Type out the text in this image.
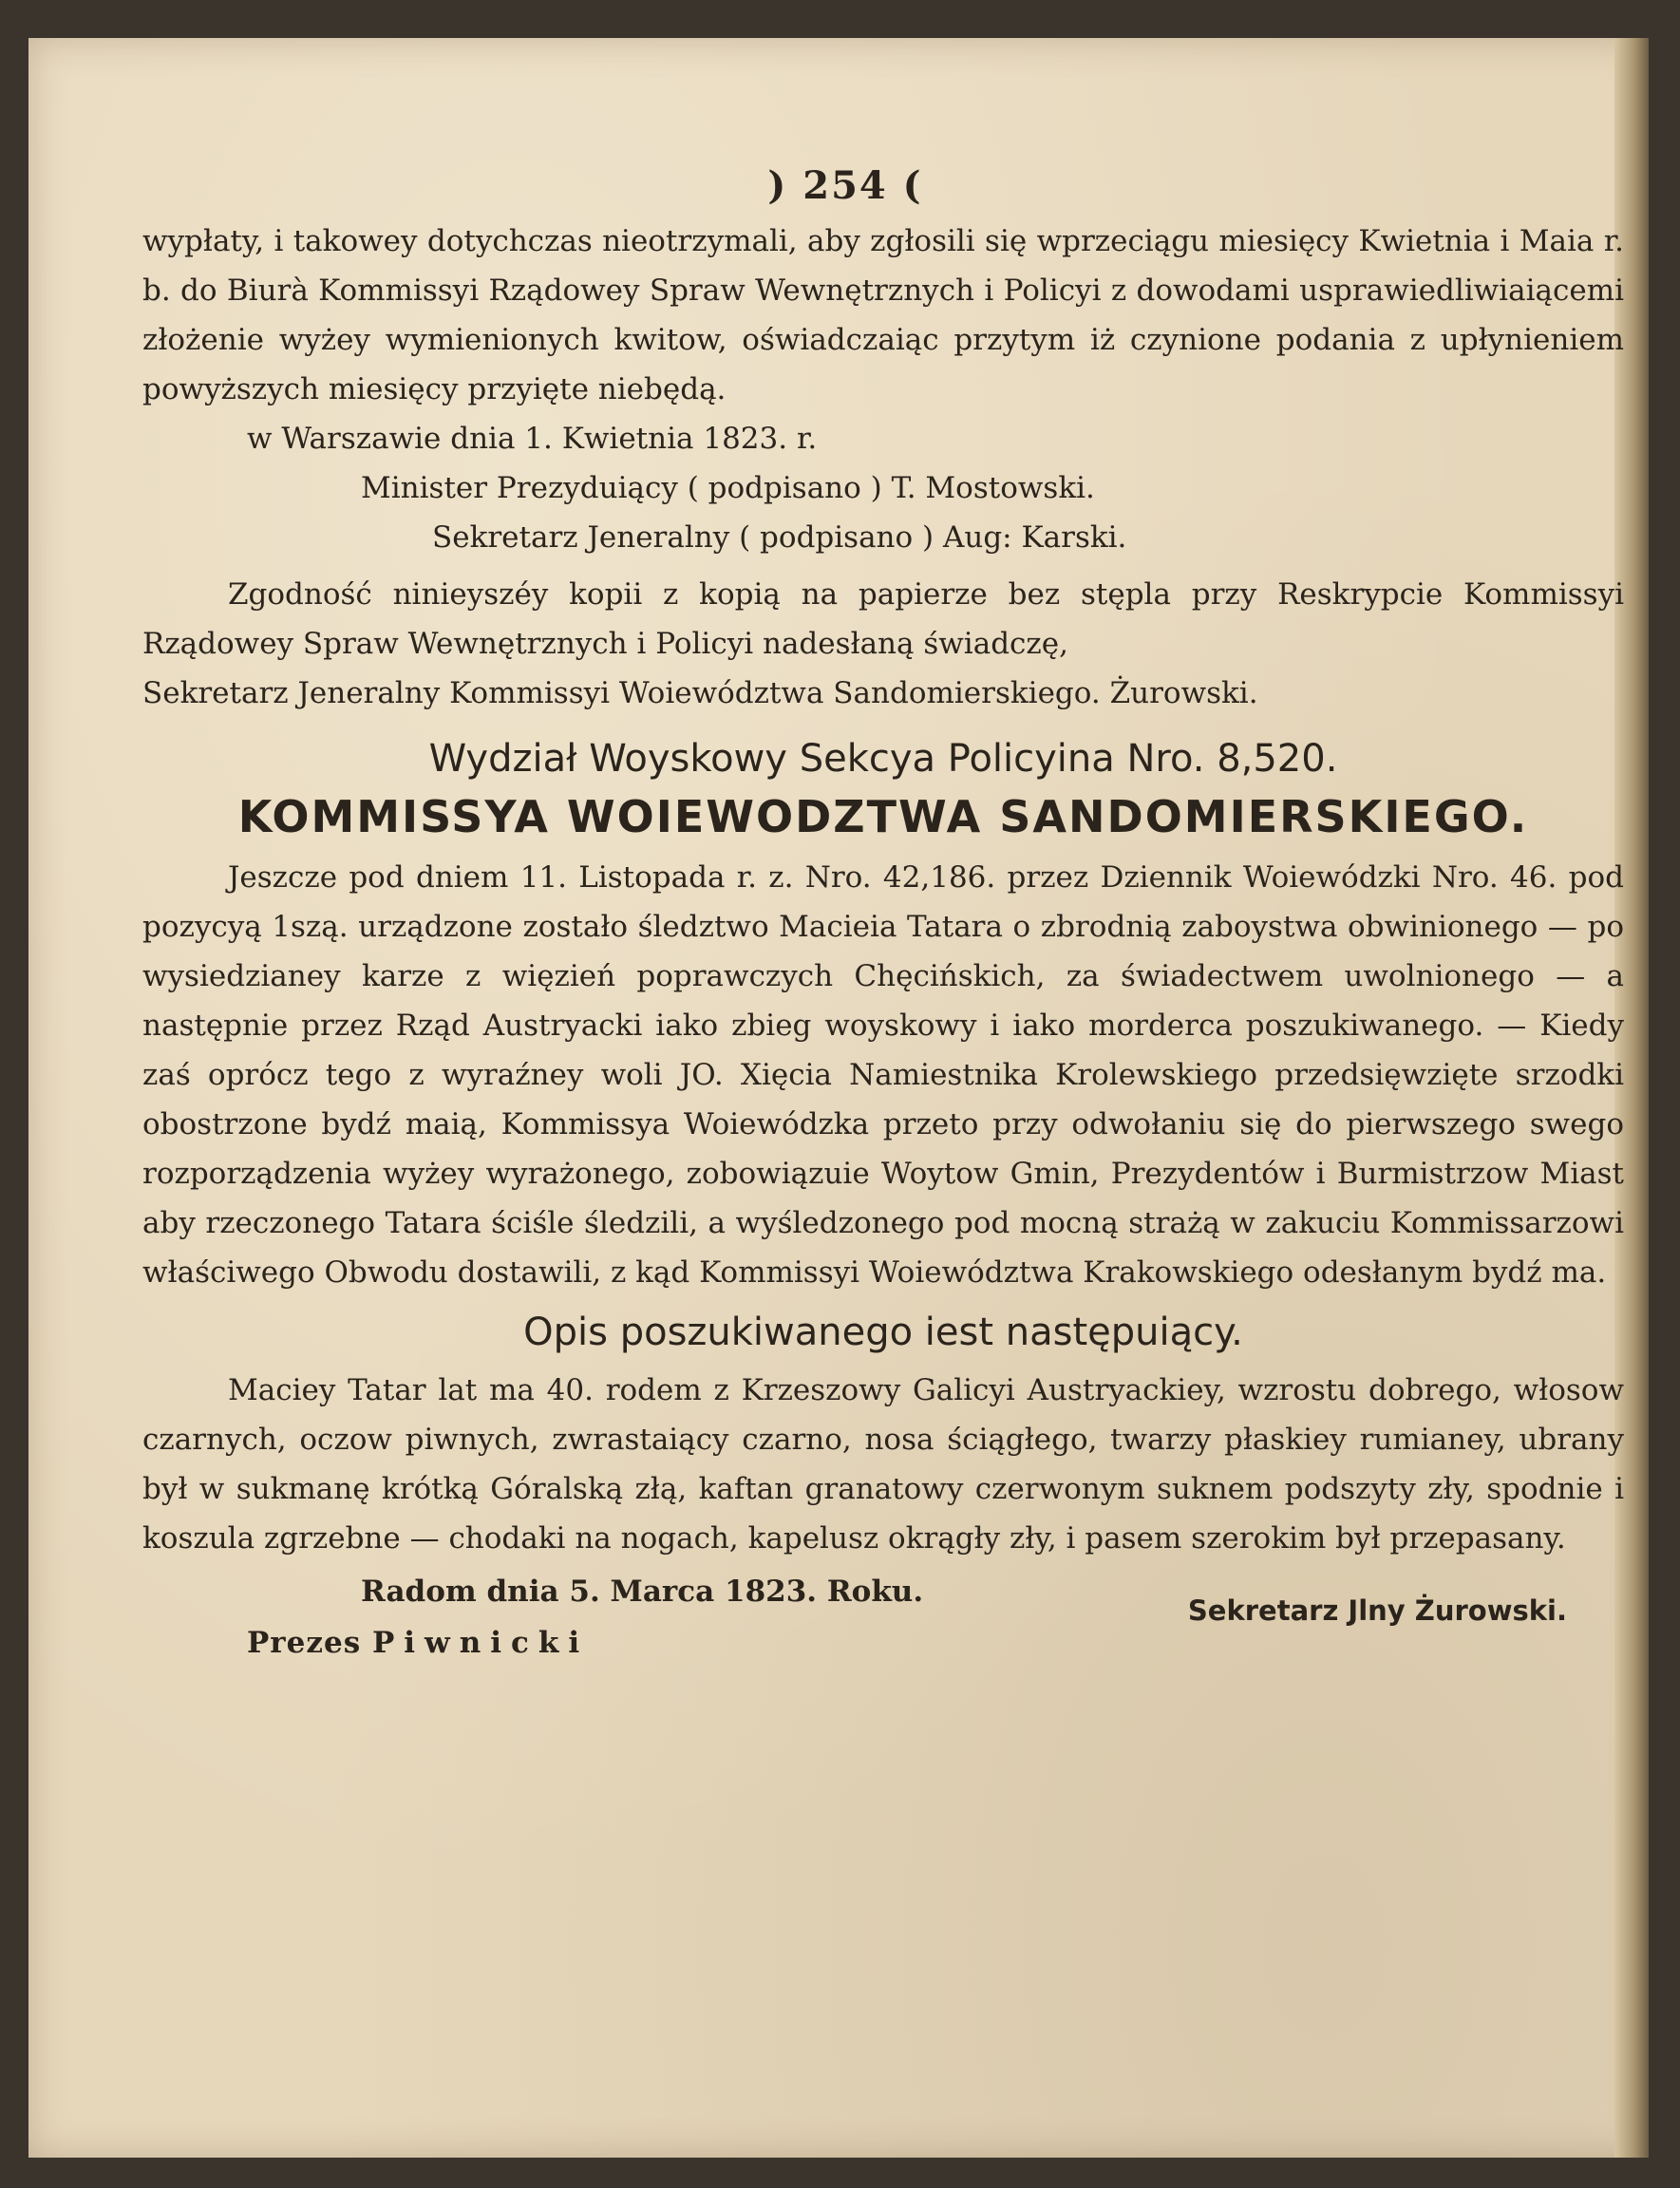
) 254 (

wypłaty, i takowey dotychczas nieotrzymali, aby zgłosili się wprzeciągu miesięcy Kwietnia i Maia r. b. do Biurà Kommissyi Rządowey Spraw Wewnętrznych i Policyi z dowodami usprawiedliwiaiącemi złożenie wyżey wymienionych kwitow, oświadczaiąc przytym iż czynione podania z upłynieniem powyższych miesięcy przyięte niebędą.

w Warszawie dnia 1. Kwietnia 1823. r.

Minister Prezyduiący ( podpisano ) T. Mostowski.

Sekretarz Jeneralny ( podpisano ) Aug: Karski.

Zgodność ninieyszéy kopii z kopią na papierze bez stępla przy Reskrypcie Kommissyi Rządowey Spraw Wewnętrznych i Policyi nadesłaną świadczę,

Sekretarz Jeneralny Kommissyi Woiewództwa Sandomierskiego. Żurowski.

Wydział Woyskowy Sekcya Policyina Nro. 8,520.
KOMMISSYA WOIEWODZTWA SANDOMIERSKIEGO.

Jeszcze pod dniem 11. Listopada r. z. Nro. 42,186. przez Dziennik Woiewódzki Nro. 46. pod pozycyą 1szą. urządzone zostało śledztwo Macieia Tatara o zbrodnią zaboystwa obwinionego — po wysiedzianey karze z więzień poprawczych Chęcińskich, za świadectwem uwolnionego — a następnie przez Rząd Austryacki iako zbieg woyskowy i iako morderca poszukiwanego. — Kiedy zaś oprócz tego z wyraźney woli JO. Xięcia Namiestnika Krolewskiego przedsięwzięte srzodki obostrzone bydź maią, Kommissya Woiewódzka przeto przy odwołaniu się do pierwszego swego rozporządzenia wyżey wyrażonego, zobowiązuie Woytow Gmin, Prezydentów i Burmistrzow Miast aby rzeczonego Tatara ściśle śledzili, a wyśledzonego pod mocną strażą w zakuciu Kommissarzowi właściwego Obwodu dostawili, z kąd Kommissyi Woiewództwa Krakowskiego odesłanym bydź ma.

Opis poszukiwanego iest następuiący.

Maciey Tatar lat ma 40. rodem z Krzeszowy Galicyi Austryackiey, wzrostu dobrego, włosow czarnych, oczow piwnych, zwrastaiący czarno, nosa ściągłego, twarzy płaskiey rumianey, ubrany był w sukmanę krótką Góralską złą, kaftan granatowy czerwonym suknem podszyty zły, spodnie i koszula zgrzebne — chodaki na nogach, kapelusz okrągły zły, i pasem szerokim był przepasany.

Radom dnia 5. Marca 1823. Roku.
Sekretarz Jlny Żurowski.
Prezes Piwnicki
